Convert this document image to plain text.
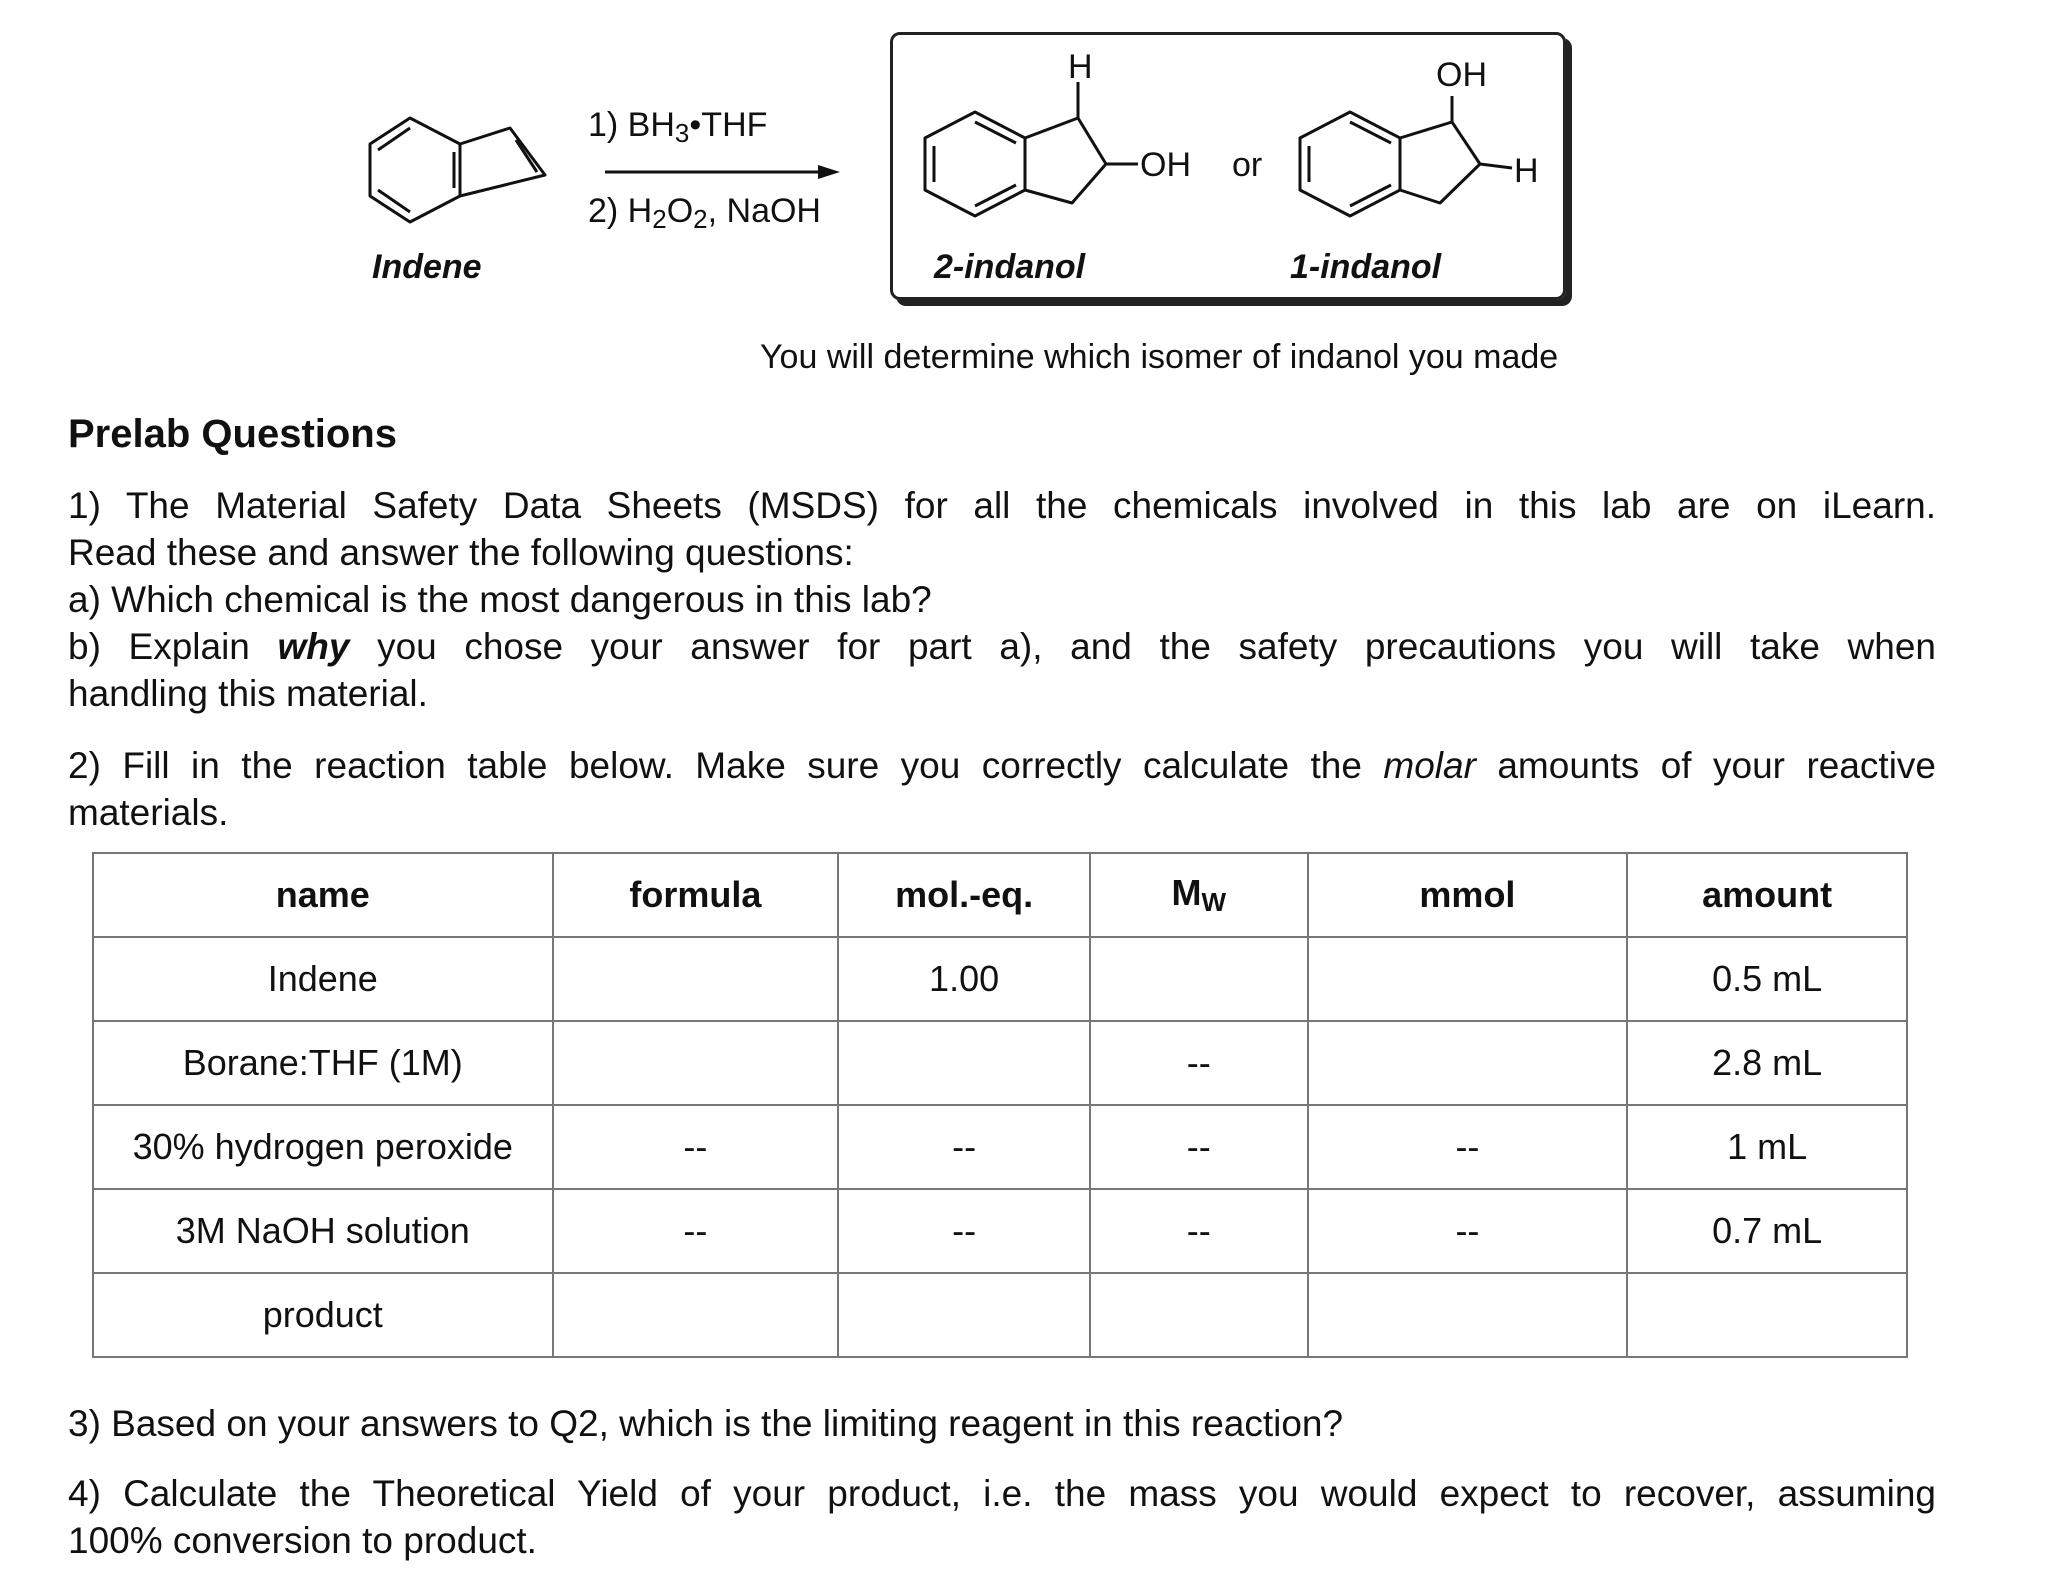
Indene
1) $BH_3•THF$
2) $H_2O_2$, NaOH
H
OH or
OH
H
2-indanol	1-indanol
You will determine which isomer of indanol you made
Prelab Questions
1) The Material Safety Data Sheets (MSDS) for all the chemicals involved in this lab are on iLearn.
Read these and answer the following questions:
a) Which chemical is the most dangerous in this lab?
b) Explain why you chose your answer for part a), and the safety precautions you will take when
handling this material.
2) Fill in the reaction table below. Make sure you correctly calculate the molar amounts of your reactive
materials.
name	formula	mol.-eq.	$M_W$	mmol	amount
Indene		1.00			0.5 mL
Borane:THF (1M)			--		2.8 mL
30% hydrogen peroxide	--	--	--	--	1 mL
3M NaOH solution	--	--	--	--	0.7 mL
product					
3) Based on your answers to Q2, which is the limiting reagent in this reaction?
4) Calculate the Theoretical Yield of your product, i.e. the mass you would expect to recover, assuming
100% conversion to product.
